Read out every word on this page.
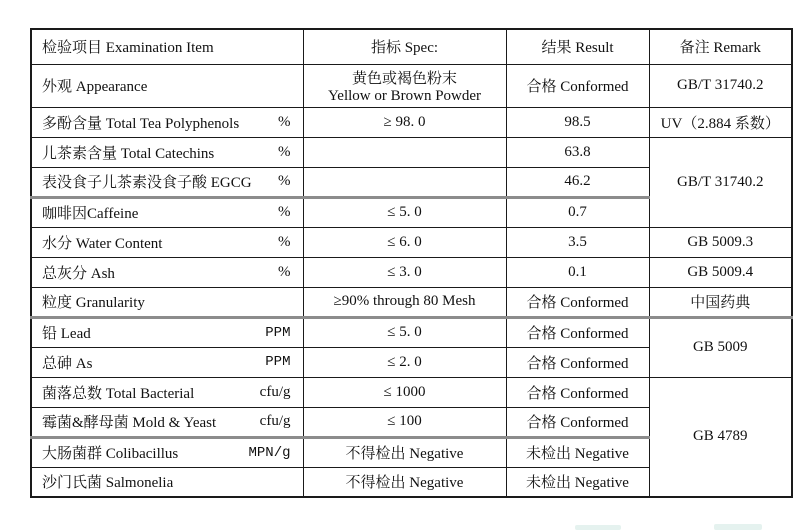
检验项目 Examination Item	指标 Spec:	结果 Result	备注 Remark

外观 Appearance	黄色或褐色粉末
Yellow or Brown Powder	合格 Conformed	GB/T 31740.2

多酚含量 Total Tea Polyphenols %	≥ 98. 0	98.5	UV（2.884 系数）

儿茶素含量 Total Catechins %		63.8	GB/T 31740.2

表没食子儿茶素没食子酸 EGCG %		46.2	

咖啡因Caffeine %	≤ 5. 0	0.7	

水分 Water Content %	≤ 6. 0	3.5	GB 5009.3

总灰分 Ash %	≤ 3. 0	0.1	GB 5009.4

粒度 Granularity	≥90% through 80 Mesh	合格 Conformed	中国药典

铅 Lead PPM	≤ 5. 0	合格 Conformed	GB 5009

总砷 As PPM	≤ 2. 0	合格 Conformed	

菌落总数 Total Bacterial cfu/g	≤ 1000	合格 Conformed	GB 4789

霉菌&酵母菌 Mold & Yeast cfu/g	≤ 100	合格 Conformed	

大肠菌群 Colibacillus MPN/g	不得检出 Negative	未检出 Negative	

沙门氏菌 Salmonelia	不得检出 Negative	未检出 Negative	
